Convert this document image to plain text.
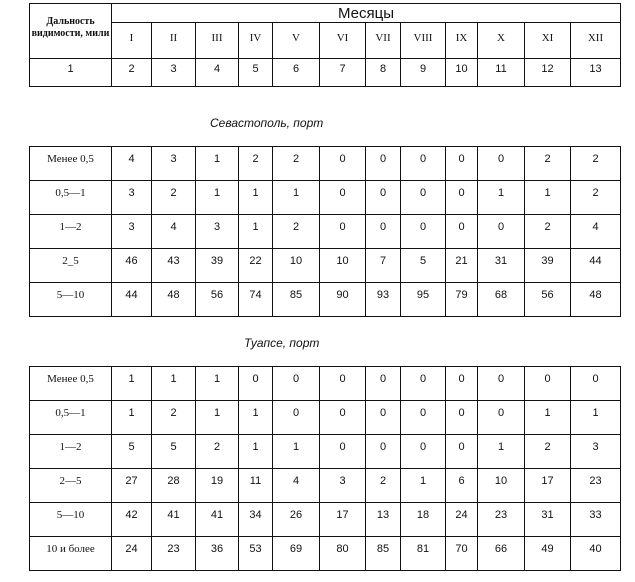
Дальность видимости, мили	Месяцы											
	I	II	III	IV	V	VI	VII	VIII	IX	X	XI	XII
1	2	3	4	5	6	7	8	9	10	11	12	13
Севастополь, порт
Менее 0,5	4	3	1	2	2	0	0	0	0	0	2	2
0,5—1	3	2	1	1	1	0	0	0	0	1	1	2
1—2	3	4	3	1	2	0	0	0	0	0	2	4
2_5	46	43	39	22	10	10	7	5	21	31	39	44
5—10	44	48	56	74	85	90	93	95	79	68	56	48
Туапсе, порт
Менее 0,5	1	1	1	0	0	0	0	0	0	0	0	0
0,5—1	1	2	1	1	0	0	0	0	0	0	1	1
1—2	5	5	2	1	1	0	0	0	0	1	2	3
2—5	27	28	19	11	4	3	2	1	6	10	17	23
5—10	42	41	41	34	26	17	13	18	24	23	31	33
10 и более	24	23	36	53	69	80	85	81	70	66	49	40
